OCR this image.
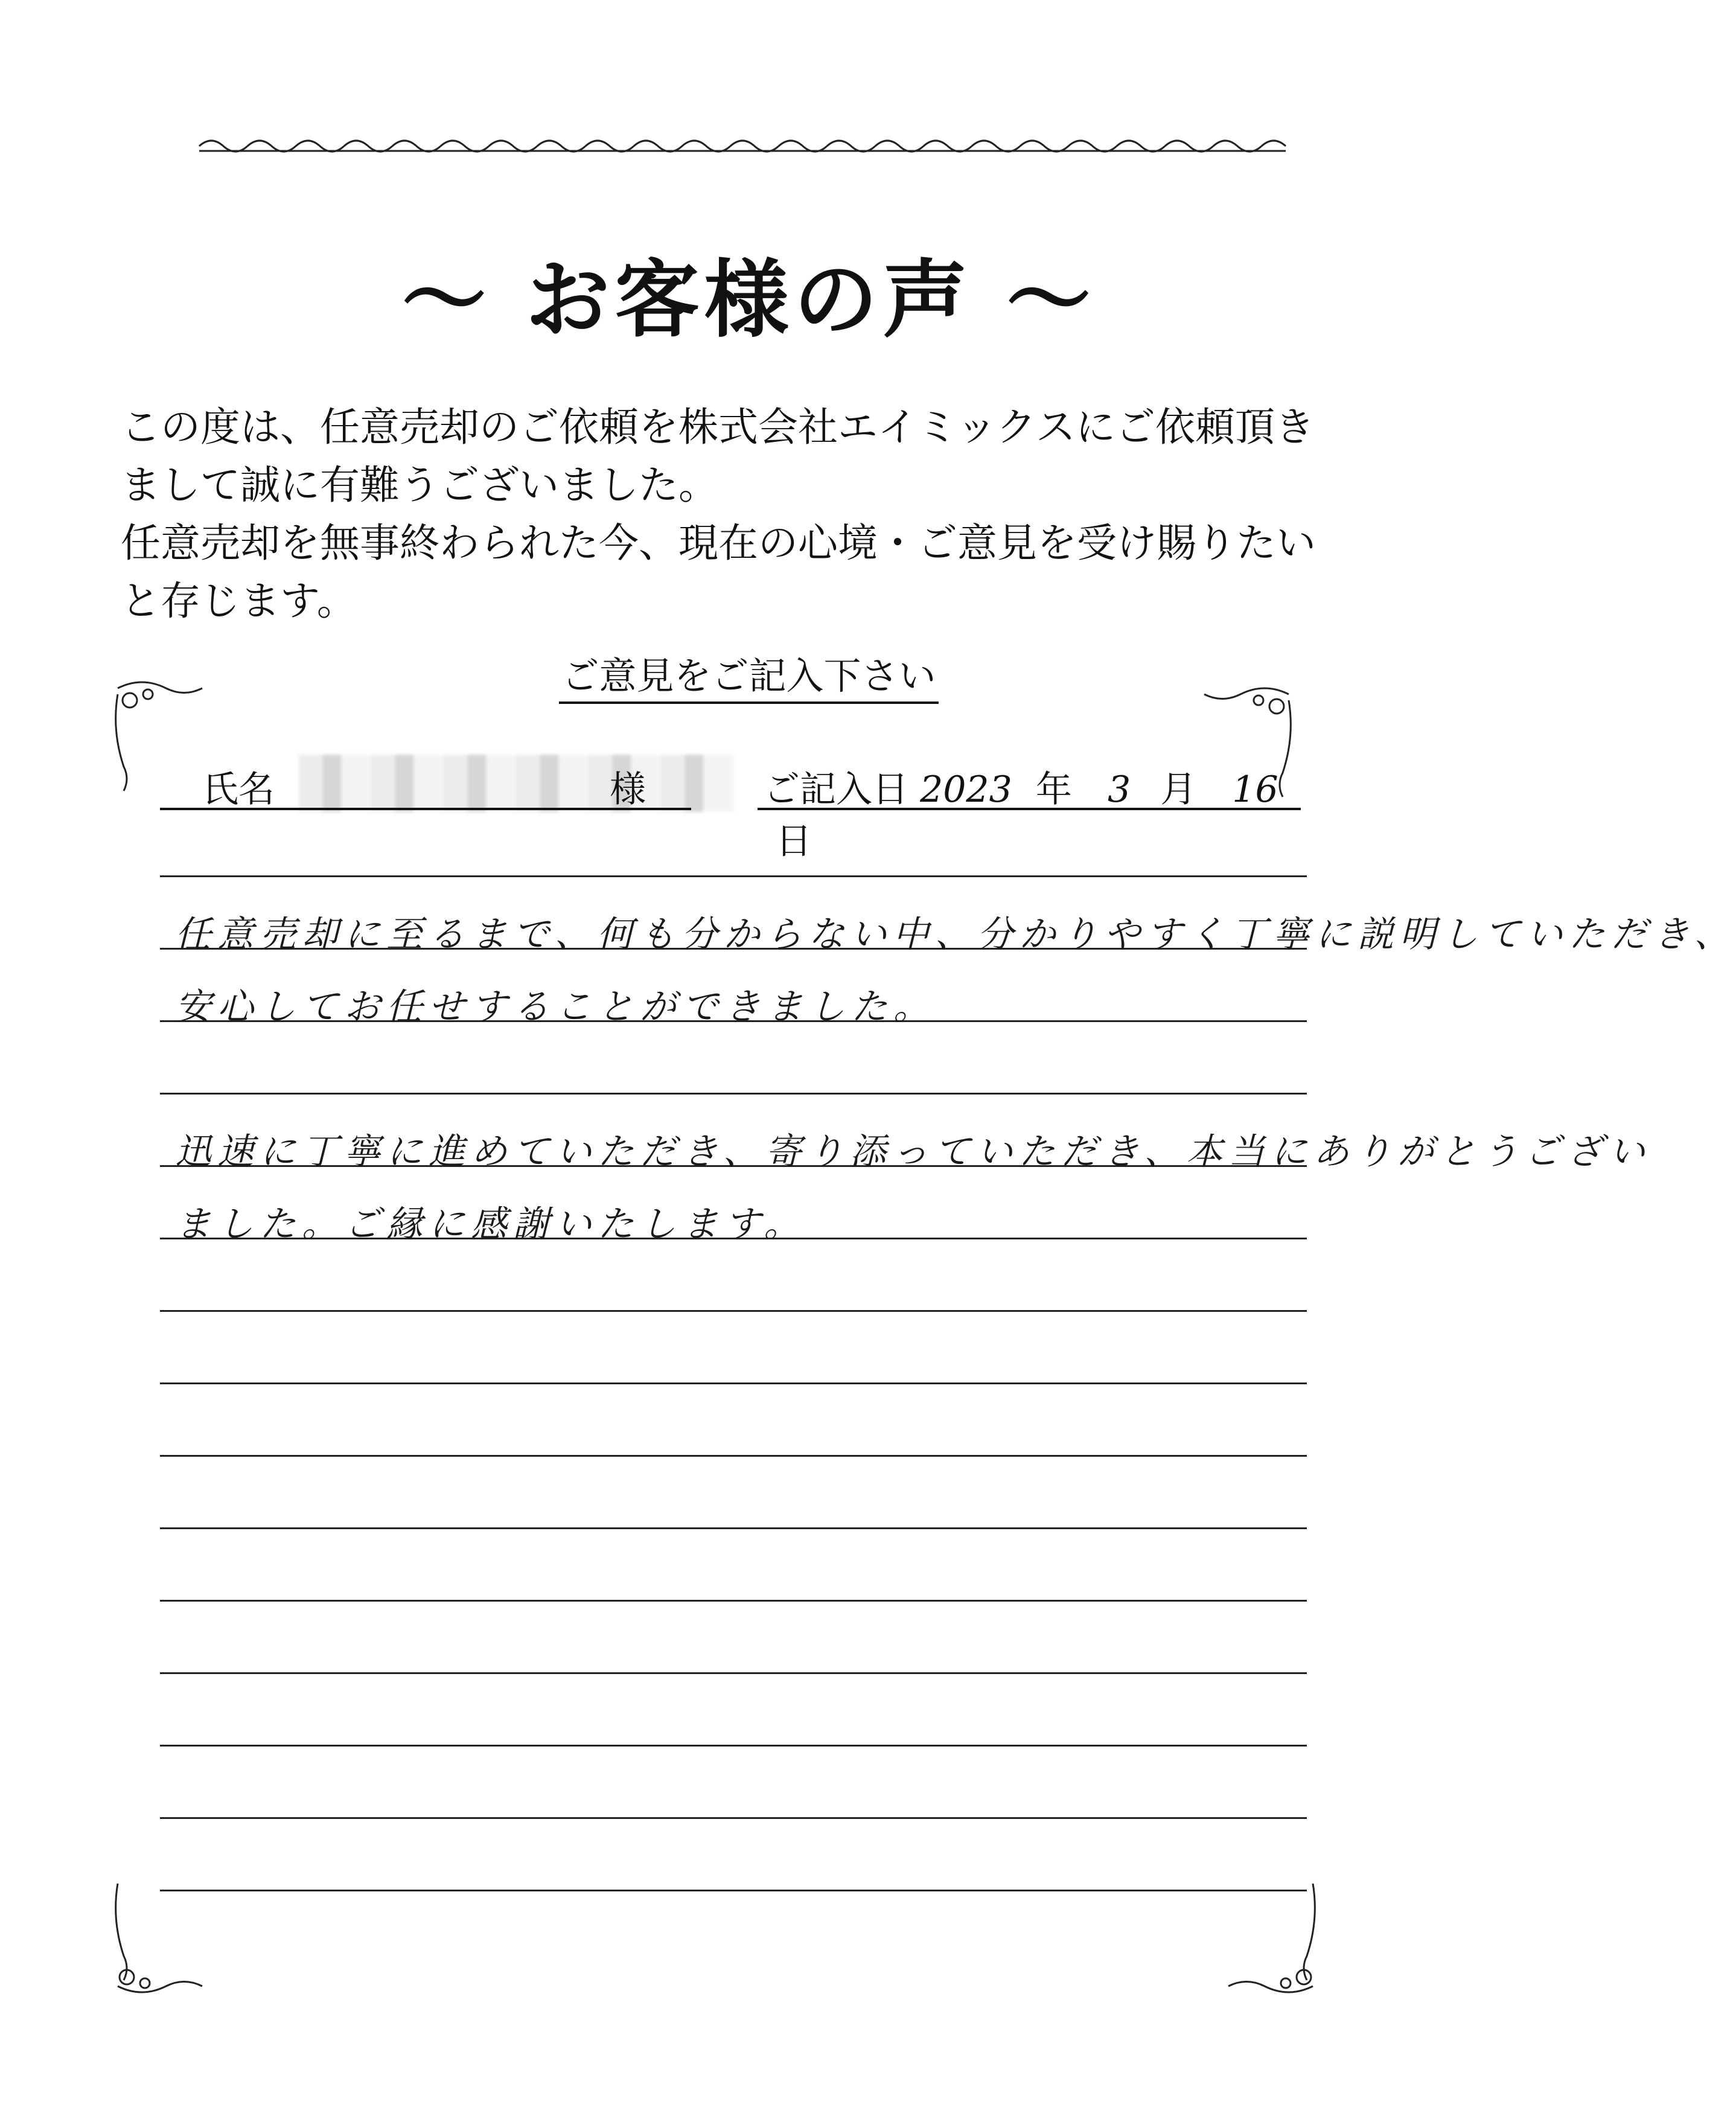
～ お客様の声 ～

この度は、任意売却のご依頼を株式会社エイミックスにご依頼頂き

まして誠に有難うございました。

任意売却を無事終わられた今、現在の心境・ご意見を受け賜りたい

と存じます。

ご意見をご記入下さい
氏名	様	ご記入日 2023 年 3 月 16 日
任意売却に至るまで、何も分からない中、分かりやすく丁寧に説明していただき、
安心してお任せすることができました。
迅速に丁寧に進めていただき、寄り添っていただき、本当にありがとうござい
ました。ご縁に感謝いたします。
